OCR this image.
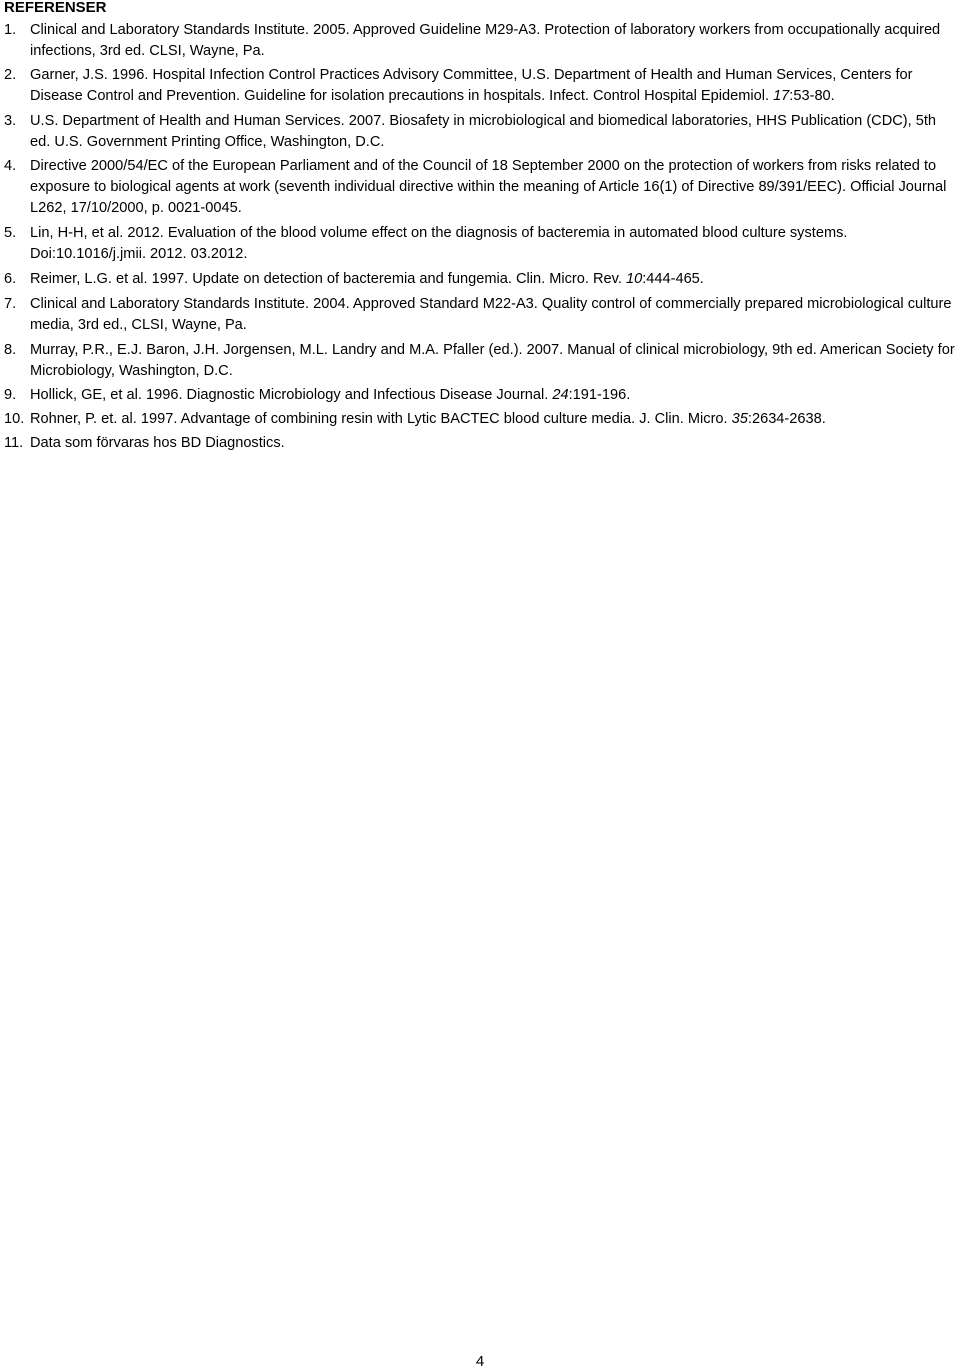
REFERENSER
1. Clinical and Laboratory Standards Institute. 2005. Approved Guideline M29-A3. Protection of laboratory workers from occupationally acquired infections, 3rd ed. CLSI, Wayne, Pa.
2. Garner, J.S. 1996. Hospital Infection Control Practices Advisory Committee, U.S. Department of Health and Human Services, Centers for Disease Control and Prevention. Guideline for isolation precautions in hospitals. Infect. Control Hospital Epidemiol. 17:53-80.
3. U.S. Department of Health and Human Services. 2007. Biosafety in microbiological and biomedical laboratories, HHS Publication (CDC), 5th ed. U.S. Government Printing Office, Washington, D.C.
4. Directive 2000/54/EC of the European Parliament and of the Council of 18 September 2000 on the protection of workers from risks related to exposure to biological agents at work (seventh individual directive within the meaning of Article 16(1) of Directive 89/391/EEC). Official Journal L262, 17/10/2000, p. 0021-0045.
5. Lin, H-H, et al. 2012. Evaluation of the blood volume effect on the diagnosis of bacteremia in automated blood culture systems. Doi:10.1016/j.jmii. 2012. 03.2012.
6. Reimer, L.G. et al. 1997. Update on detection of bacteremia and fungemia. Clin. Micro. Rev. 10:444-465.
7. Clinical and Laboratory Standards Institute. 2004. Approved Standard M22-A3. Quality control of commercially prepared microbiological culture media, 3rd ed., CLSI, Wayne, Pa.
8. Murray, P.R., E.J. Baron, J.H. Jorgensen, M.L. Landry and M.A. Pfaller (ed.). 2007. Manual of clinical microbiology, 9th ed. American Society for Microbiology, Washington, D.C.
9. Hollick, GE, et al. 1996. Diagnostic Microbiology and Infectious Disease Journal. 24:191-196.
10. Rohner, P. et. al. 1997. Advantage of combining resin with Lytic BACTEC blood culture media. J. Clin. Micro. 35:2634-2638.
11. Data som förvaras hos BD Diagnostics.
4
